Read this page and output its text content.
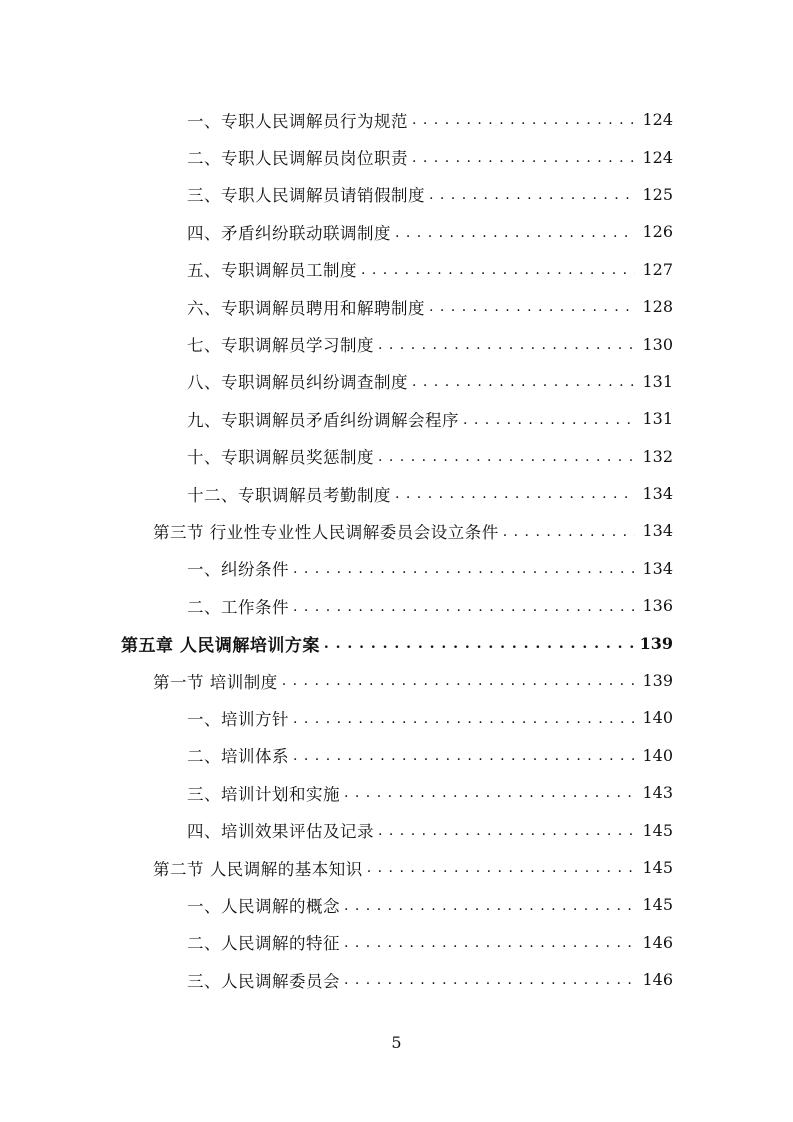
一、专职人民调解员行为规范 . . .	124
二、专职人民调解员岗位职责 . . .	124
三、专职人民调解员请销假制度 . . .	125
四、矛盾纠纷联动联调制度 . . .	126
五、专职调解员工制度 . . .	127
六、专职调解员聘用和解聘制度 . . .	128
七、专职调解员学习制度 . . .	130
八、专职调解员纠纷调查制度 . . .	131
九、专职调解员矛盾纠纷调解会程序 . . .	131
十、专职调解员奖惩制度 . . .	132
十二、专职调解员考勤制度 . . .	134
第三节 行业性专业性人民调解委员会设立条件 . . .	134
一、纠纷条件 . . .	134
二、工作条件 . . .	136
第五章 人民调解培训方案 . . .	139
第一节 培训制度 . . .	139
一、培训方针 . . .	140
二、培训体系 . . .	140
三、培训计划和实施 . . .	143
四、培训效果评估及记录 . . .	145
第二节 人民调解的基本知识 . . .	145
一、人民调解的概念 . . .	145
二、人民调解的特征 . . .	146
三、人民调解委员会 . . .	146
5
